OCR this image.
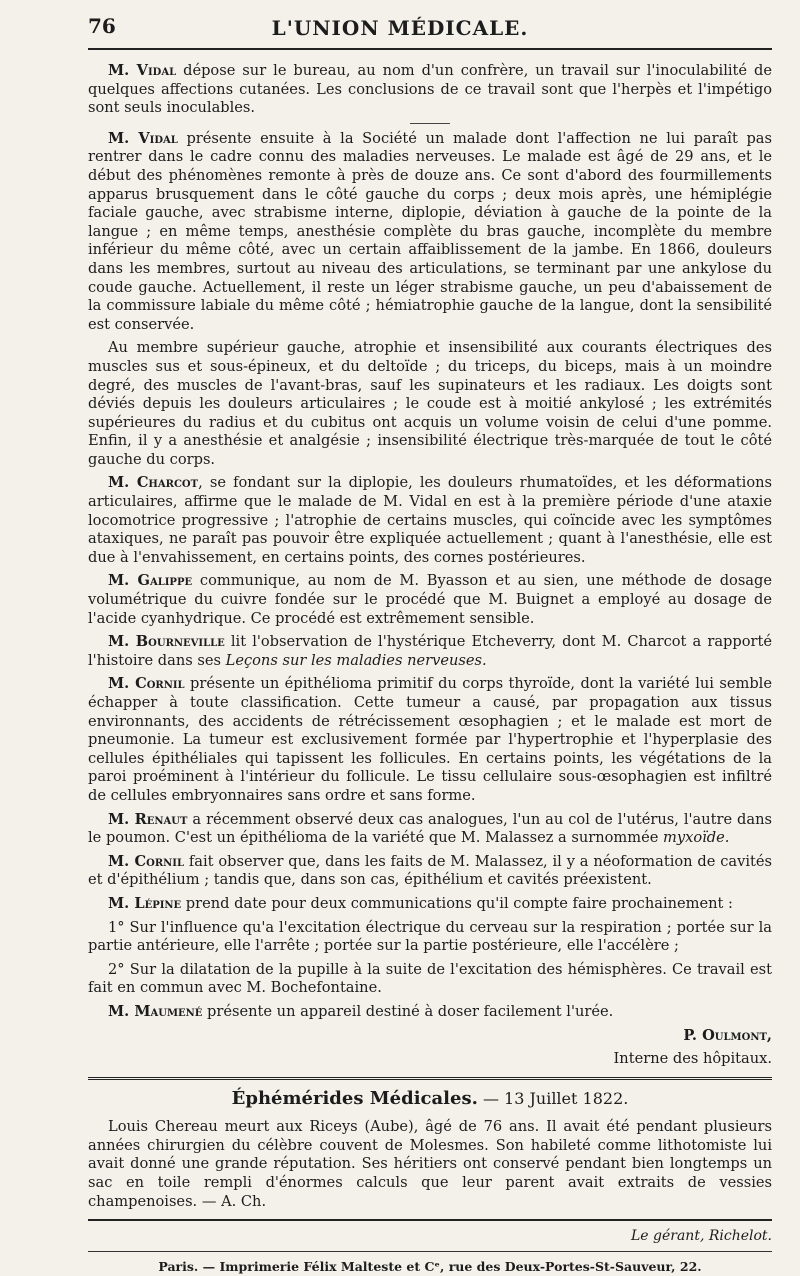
76	L'UNION MÉDICALE.

M. Vidal dépose sur le bureau, au nom d'un confrère, un travail sur l'inoculabilité de quelques affections cutanées. Les conclusions de ce travail sont que l'herpès et l'impétigo sont seuls inoculables.

M. Vidal présente ensuite à la Société un malade dont l'affection ne lui paraît pas rentrer dans le cadre connu des maladies nerveuses. Le malade est âgé de 29 ans, et le début des phénomènes remonte à près de douze ans. Ce sont d'abord des fourmillements apparus brusquement dans le côté gauche du corps ; deux mois après, une hémiplégie faciale gauche, avec strabisme interne, diplopie, déviation à gauche de la pointe de la langue ; en même temps, anesthésie complète du bras gauche, incomplète du membre inférieur du même côté, avec un certain affaiblissement de la jambe. En 1866, douleurs dans les membres, surtout au niveau des articulations, se terminant par une ankylose du coude gauche. Actuellement, il reste un léger strabisme gauche, un peu d'abaissement de la commissure labiale du même côté ; hémiatrophie gauche de la langue, dont la sensibilité est conservée.

Au membre supérieur gauche, atrophie et insensibilité aux courants électriques des muscles sus et sous-épineux, et du deltoïde ; du triceps, du biceps, mais à un moindre degré, des muscles de l'avant-bras, sauf les supinateurs et les radiaux. Les doigts sont déviés depuis les douleurs articulaires ; le coude est à moitié ankylosé ; les extrémités supérieures du radius et du cubitus ont acquis un volume voisin de celui d'une pomme. Enfin, il y a anesthésie et analgésie ; insensibilité électrique très-marquée de tout le côté gauche du corps.

M. Charcot, se fondant sur la diplopie, les douleurs rhumatoïdes, et les déformations articulaires, affirme que le malade de M. Vidal en est à la première période d'une ataxie locomotrice progressive ; l'atrophie de certains muscles, qui coïncide avec les symptômes ataxiques, ne paraît pas pouvoir être expliquée actuellement ; quant à l'anesthésie, elle est due à l'envahissement, en certains points, des cornes postérieures.

M. Galippe communique, au nom de M. Byasson et au sien, une méthode de dosage volumétrique du cuivre fondée sur le procédé que M. Buignet a employé au dosage de l'acide cyanhydrique. Ce procédé est extrêmement sensible.

M. Bourneville lit l'observation de l'hystérique Etcheverry, dont M. Charcot a rapporté l'histoire dans ses Leçons sur les maladies nerveuses.

M. Cornil présente un épithélioma primitif du corps thyroïde, dont la variété lui semble échapper à toute classification. Cette tumeur a causé, par propagation aux tissus environnants, des accidents de rétrécissement œsophagien ; et le malade est mort de pneumonie. La tumeur est exclusivement formée par l'hypertrophie et l'hyperplasie des cellules épithéliales qui tapissent les follicules. En certains points, les végétations de la paroi proéminent à l'intérieur du follicule. Le tissu cellulaire sous-œsophagien est infiltré de cellules embryonnaires sans ordre et sans forme.

M. Renaut a récemment observé deux cas analogues, l'un au col de l'utérus, l'autre dans le poumon. C'est un épithélioma de la variété que M. Malassez a surnommée myxoïde.

M. Cornil fait observer que, dans les faits de M. Malassez, il y a néoformation de cavités et d'épithélium ; tandis que, dans son cas, épithélium et cavités préexistent.

M. Lépine prend date pour deux communications qu'il compte faire prochainement :

1° Sur l'influence qu'a l'excitation électrique du cerveau sur la respiration ; portée sur la partie antérieure, elle l'arrête ; portée sur la partie postérieure, elle l'accélère ;

2° Sur la dilatation de la pupille à la suite de l'excitation des hémisphères. Ce travail est fait en commun avec M. Bochefontaine.

M. Maumené présente un appareil destiné à doser facilement l'urée.

P. Oulmont,

Interne des hôpitaux.

Éphémérides Médicales. — 13 Juillet 1822.

Louis Chereau meurt aux Riceys (Aube), âgé de 76 ans. Il avait été pendant plusieurs années chirurgien du célèbre couvent de Molesmes. Son habileté comme lithotomiste lui avait donné une grande réputation. Ses héritiers ont conservé pendant bien longtemps un sac en toile rempli d'énormes calculs que leur parent avait extraits de vessies champenoises. — A. Ch.

Le gérant, Richelot.

Paris. — Imprimerie Félix Malteste et Cᵉ, rue des Deux-Portes-St-Sauveur, 22.
